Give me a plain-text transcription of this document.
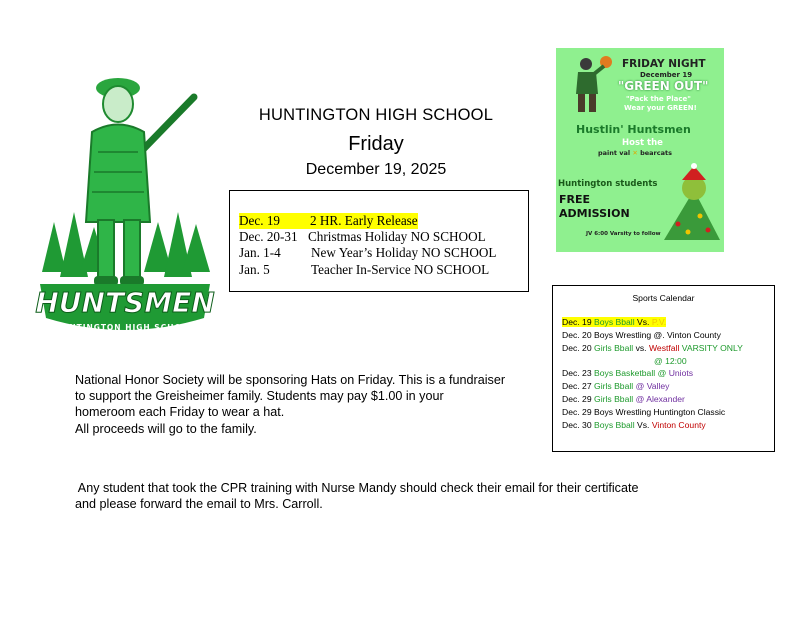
HUNTSMEN
HUNTINGTON HIGH SCHOOL
HUNTINGTON HIGH SCHOOL
Friday
December 19, 2025
Dec. 19	2 HR. Early Release
Dec. 20-31 Christmas Holiday NO SCHOOL
Jan. 1-4	New Year’s Holiday NO SCHOOL
Jan. 5	Teacher In-Service NO SCHOOL
FRIDAY NIGHT
December 19
"GREEN OUT"
"Pack the Place"
Wear your GREEN!
Hustlin' Huntsmen
Host the
paint val ✕ bearcats
Huntington students
FREE
ADMISSION
JV 6:00 Varsity to follow
Sports Calendar
Dec. 19 Boys Bball Vs. P.V.
Dec. 20 Boys Wrestling @. Vinton County
Dec. 20 Girls Bball vs. Westfall VARSITY ONLY
@ 12:00
Dec. 23 Boys Basketball @ Uniots
Dec. 27 Girls Bball @ Valley
Dec. 29 Girls Bball @ Alexander
Dec. 29 Boys Wrestling Huntington Classic
Dec. 30 Boys Bball Vs. Vinton County
National Honor Society will be sponsoring Hats on Friday. This is a fundraiser
to support the Greisheimer family. Students may pay $1.00 in your
homeroom each Friday to wear a hat.
All proceeds will go to the family.
Any student that took the CPR training with Nurse Mandy should check their email for their certificate
and please forward the email to Mrs. Carroll.
